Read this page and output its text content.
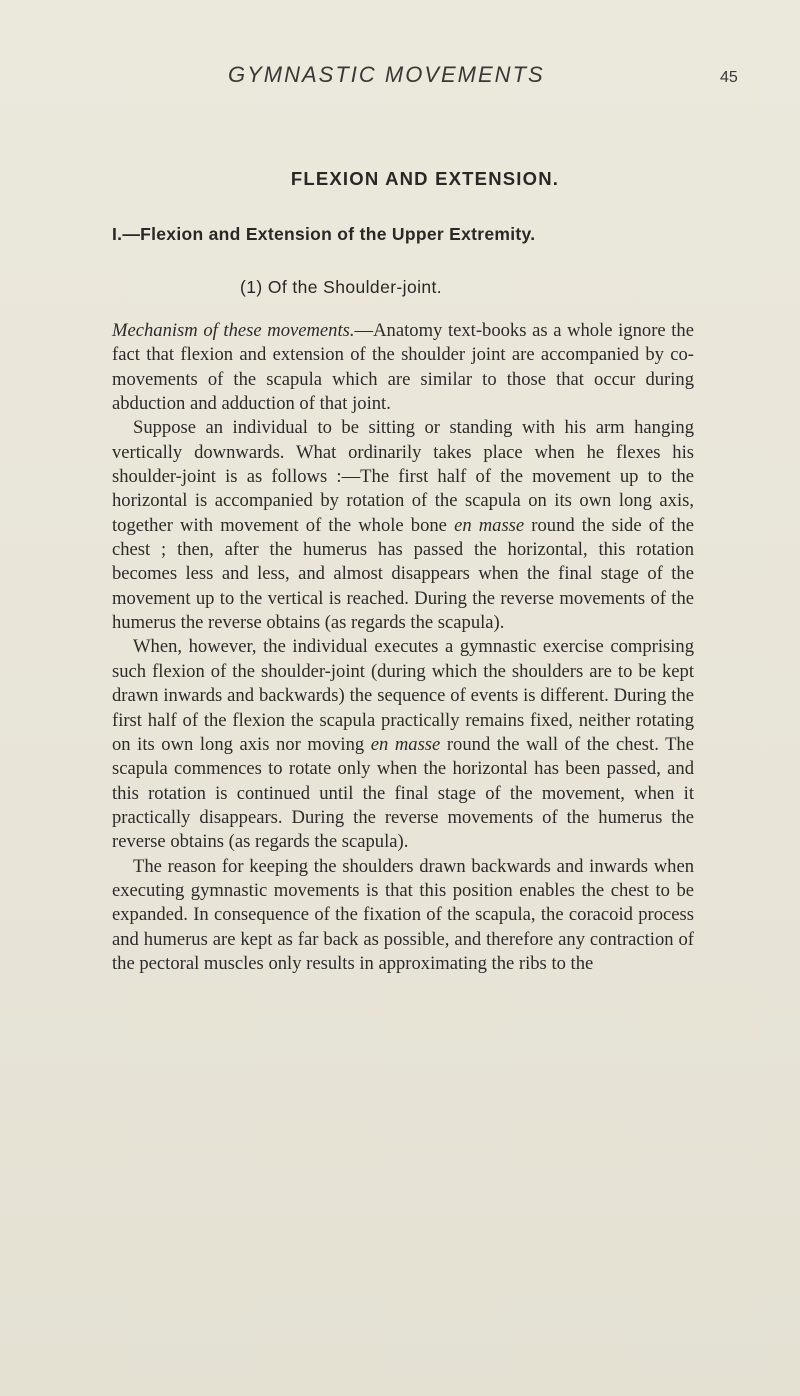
GYMNASTIC MOVEMENTS	45
FLEXION AND EXTENSION.
I.—Flexion and Extension of the Upper Extremity.
(1) Of the Shoulder-joint.

Mechanism of these movements.—Anatomy text-books as a whole ignore the fact that flexion and extension of the shoulder joint are accompanied by co-movements of the scapula which are similar to those that occur during abduction and adduction of that joint.

Suppose an individual to be sitting or standing with his arm hanging vertically downwards. What ordinarily takes place when he flexes his shoulder-joint is as follows :—The first half of the movement up to the horizontal is accompanied by rotation of the scapula on its own long axis, together with movement of the whole bone en masse round the side of the chest ; then, after the humerus has passed the horizontal, this rotation becomes less and less, and almost disappears when the final stage of the movement up to the vertical is reached. During the reverse movements of the humerus the reverse obtains (as regards the scapula).

When, however, the individual executes a gymnastic exercise comprising such flexion of the shoulder-joint (during which the shoulders are to be kept drawn inwards and backwards) the sequence of events is different. During the first half of the flexion the scapula practically remains fixed, neither rotating on its own long axis nor moving en masse round the wall of the chest. The scapula commences to rotate only when the horizontal has been passed, and this rotation is continued until the final stage of the movement, when it practically disappears. During the reverse movements of the humerus the reverse obtains (as regards the scapula).

The reason for keeping the shoulders drawn backwards and inwards when executing gymnastic movements is that this position enables the chest to be expanded. In consequence of the fixation of the scapula, the coracoid process and humerus are kept as far back as possible, and therefore any contraction of the pectoral muscles only results in approximating the ribs to the
